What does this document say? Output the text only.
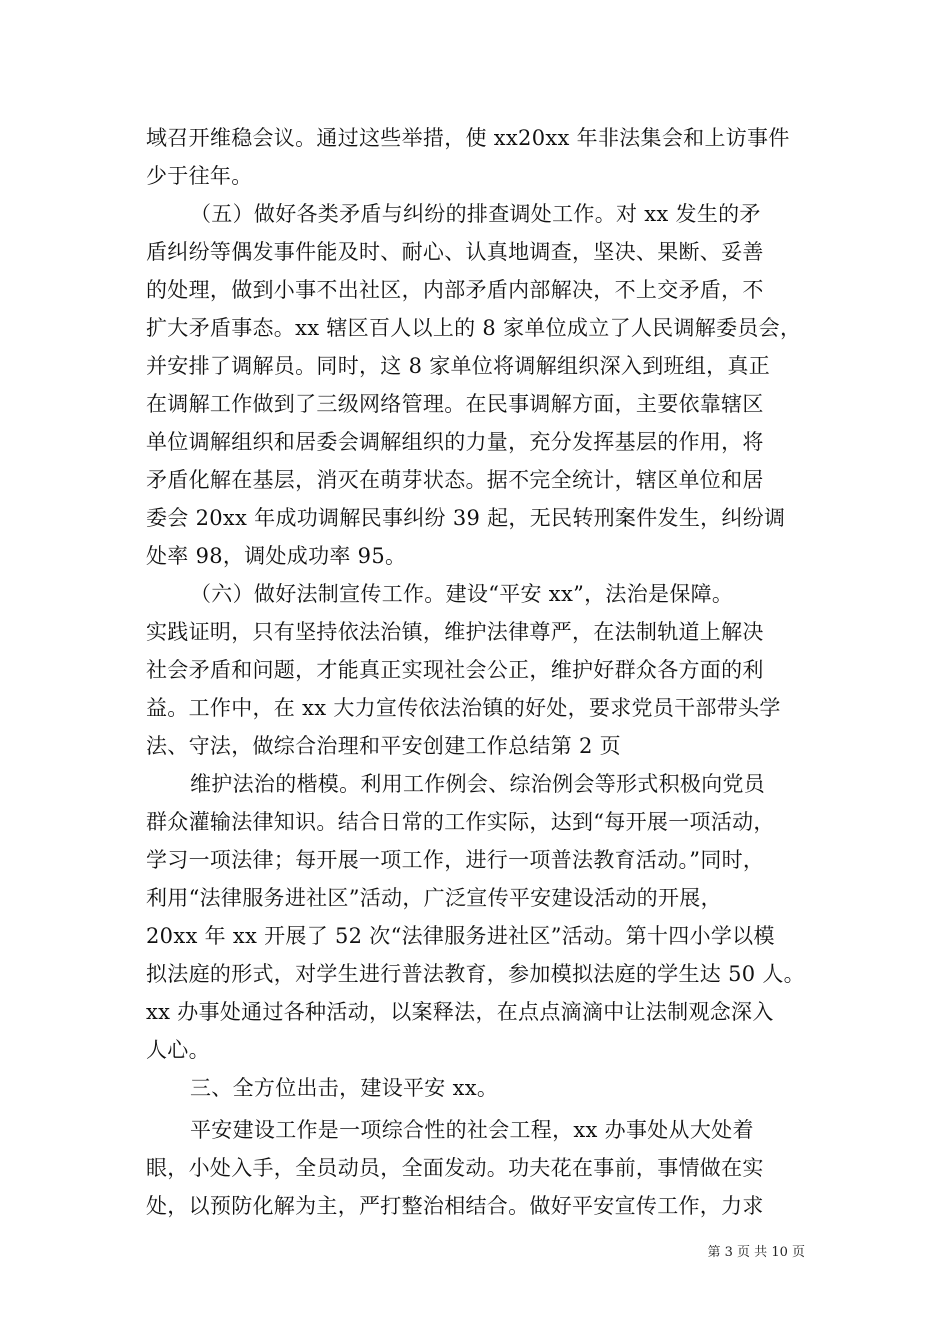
域召开维稳会议。通过这些举措，使 xx20xx 年非法集会和上访事件
少于往年。
（五）做好各类矛盾与纠纷的排查调处工作。对 xx 发生的矛
盾纠纷等偶发事件能及时、耐心、认真地调查，坚决、果断、妥善
的处理，做到小事不出社区，内部矛盾内部解决，不上交矛盾，不
扩大矛盾事态。xx 辖区百人以上的 8 家单位成立了人民调解委员会，
并安排了调解员。同时，这 8 家单位将调解组织深入到班组，真正
在调解工作做到了三级网络管理。在民事调解方面，主要依靠辖区
单位调解组织和居委会调解组织的力量，充分发挥基层的作用，将
矛盾化解在基层，消灭在萌芽状态。据不完全统计，辖区单位和居
委会 20xx 年成功调解民事纠纷 39 起，无民转刑案件发生，纠纷调
处率 98，调处成功率 95。
（六）做好法制宣传工作。建设“平安 xx”，法治是保障。
实践证明，只有坚持依法治镇，维护法律尊严，在法制轨道上解决
社会矛盾和问题，才能真正实现社会公正，维护好群众各方面的利
益。工作中，在 xx 大力宣传依法治镇的好处，要求党员干部带头学
法、守法，做综合治理和平安创建工作总结第 2 页
维护法治的楷模。利用工作例会、综治例会等形式积极向党员
群众灌输法律知识。结合日常的工作实际，达到“每开展一项活动，
学习一项法律；每开展一项工作，进行一项普法教育活动。”同时，
利用“法律服务进社区”活动，广泛宣传平安建设活动的开展，
20xx 年 xx 开展了 52 次“法律服务进社区”活动。第十四小学以模
拟法庭的形式，对学生进行普法教育，参加模拟法庭的学生达 50 人。
xx 办事处通过各种活动，以案释法，在点点滴滴中让法制观念深入
人心。
三、全方位出击，建设平安 xx。
平安建设工作是一项综合性的社会工程，xx 办事处从大处着
眼，小处入手，全员动员，全面发动。功夫花在事前，事情做在实
处，以预防化解为主，严打整治相结合。做好平安宣传工作，力求
第 3 页 共 10 页
